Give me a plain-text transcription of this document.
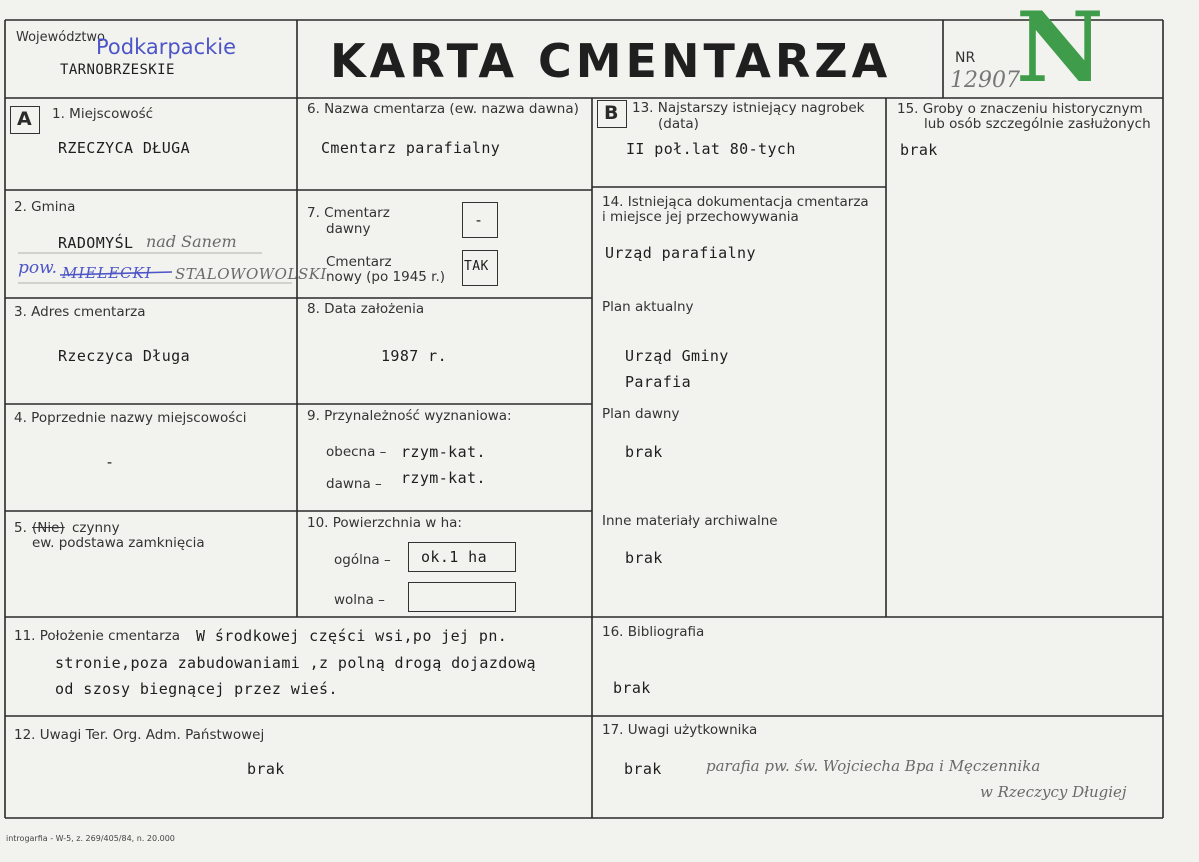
Województwo
Podkarpackie
TARNOBRZESKIE	KARTA CMENTARZA	NR
12907
N
A 1. Miejscowość
RZECZYCA DŁUGA
2. Gmina
RADOMYŚL nad Sanem
pow. MIELECKI STALOWOWOLSKI
3. Adres cmentarza
Rzeczyca Długa
4. Poprzednie nazwy miejscowości
-
5. (Nie) czynny
ew. podstawa zamknięcia
6. Nazwa cmentarza (ew. nazwa dawna)
Cmentarz parafialny
7. Cmentarz
dawny	-
Cmentarz
nowy (po 1945 r.)
TAK
8. Data założenia
1987 r.
9. Przynależność wyznaniowa:
obecna – rzym-kat.
dawna – rzym-kat.
10. Powierzchnia w ha:
ogólna – ok.1 ha
wolna –
B 13. Najstarszy istniejący nagrobek
(data)
II poł.lat 80-tych
14. Istniejąca dokumentacja cmentarza
i miejsce jej przechowywania
Urząd parafialny
Plan aktualny
Urząd Gminy
Parafia
Plan dawny
brak
Inne materiały archiwalne
brak
15. Groby o znaczeniu historycznym
lub osób szczególnie zasłużonych
brak
11. Położenie cmentarza W środkowej części wsi,po jej pn.
stronie,poza zabudowaniami ,z polną drogą dojazdową
od szosy biegnącej przez wieś.
16. Bibliografia
brak
12. Uwagi Ter. Org. Adm. Państwowej
brak
17. Uwagi użytkownika
brak	parafia pw. św. Wojciecha Bpa i Męczennika
w Rzeczycy Długiej
introgarfia - W-5, z. 269/405/84, n. 20.000
